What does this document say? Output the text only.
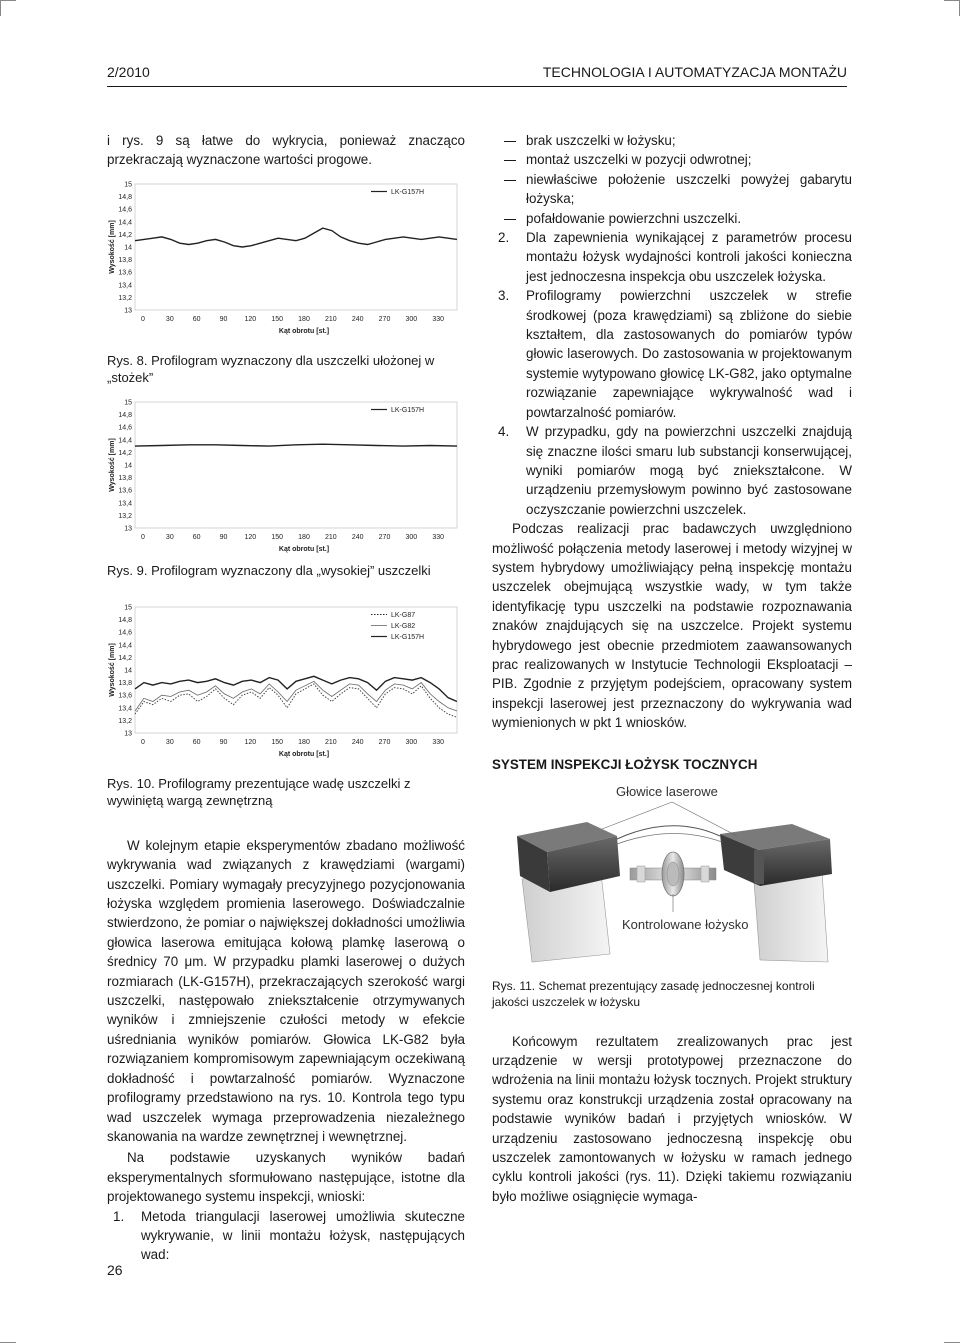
2/2010	TECHNOLOGIA I AUTOMATYZACJA MONTAŻU

i rys. 9 są łatwe do wykrycia, ponieważ znacząco przekraczają wyznaczone wartości progowe.

15
14,8
14,6
14,4
14,2
14
13,8
13,6
13,4
13,2
13
0	30	60	90 120 150 180 210 240 270 300 330
Kąt obrotu [st.]
Wysokość [mm]
LK-G157H

Rys. 8. Profilogram wyznaczony dla uszczelki ułożonej w „stożek”

15
14,8
14,6
14,4
14,2
14
13,8
13,6
13,4
13,2
13
0	30	60	90 120 150 180 210 240 270 300 330
Kąt obrotu [st.]
Wysokość [mm]
LK-G157H

Rys. 9. Profilogram wyznaczony dla „wysokiej” uszczelki

15
14,8
14,6
14,4
14,2
14
13,8
13,6
13,4
13,2
13
0	30	60	90 120 150 180 210 240 270 300 330
Kąt obrotu [st.]
Wysokość [mm]
LK-G87
LK-G82
LK-G157H

Rys. 10. Profilogramy prezentujące wadę uszczelki z wywiniętą wargą zewnętrzną

W kolejnym etapie eksperymentów zbadano możliwość wykrywania wad związanych z krawędziami (wargami) uszczelki. Pomiary wymagały precyzyjnego pozycjonowania łożyska względem promienia laserowego. Doświadczalnie stwierdzono, że pomiar o największej dokładności umożliwia głowica laserowa emitująca kołową plamkę laserową o średnicy 70 μm. W przypadku plamki laserowej o dużych rozmiarach (LK-G157H), przekraczających szerokość wargi uszczelki, następowało zniekształcenie otrzymywanych wyników i zmniejszenie czułości metody w efekcie uśredniania wyników pomiarów. Głowica LK-G82 była rozwiązaniem kompromisowym zapewniającym oczekiwaną dokładność i powtarzalność pomiarów. Wyznaczone profilogramy przedstawiono na rys. 10. Kontrola tego typu wad uszczelek wymaga przeprowadzenia niezależnego skanowania na wardze zewnętrznej i wewnętrznej.

Na podstawie uzyskanych wyników badań eksperymentalnych sformułowano następujące, istotne dla projektowanego systemu inspekcji, wnioski:

1. Metoda triangulacji laserowej umożliwia skuteczne wykrywanie, w linii montażu łożysk, następujących wad:
brak uszczelki w łożysku;
montaż uszczelki w pozycji odwrotnej;
niewłaściwe położenie uszczelki powyżej gabarytu łożyska;
pofałdowanie powierzchni uszczelki.
2. Dla zapewnienia wynikającej z parametrów procesu montażu łożysk wydajności kontroli jakości konieczna jest jednoczesna inspekcja obu uszczelek łożyska.
3. Profilogramy powierzchni uszczelek w strefie środkowej (poza krawędziami) są zbliżone do siebie kształtem, dla zastosowanych do pomiarów typów głowic laserowych. Do zastosowania w projektowanym systemie wytypowano głowicę LK-G82, jako optymalne rozwiązanie zapewniające wykrywalność wad i powtarzalność pomiarów.
4. W przypadku, gdy na powierzchni uszczelki znajdują się znaczne ilości smaru lub substancji konserwującej, wyniki pomiarów mogą być zniekształcone. W urządzeniu przemysłowym powinno być zastosowane oczyszczanie powierzchni uszczelek.

Podczas realizacji prac badawczych uwzględniono możliwość połączenia metody laserowej i metody wizyjnej w system hybrydowy umożliwiający pełną inspekcję montażu uszczelek obejmującą wszystkie wady, w tym także identyfikację typu uszczelki na podstawie rozpoznawania znaków znajdujących się na uszczelce. Projekt systemu hybrydowego jest obecnie przedmiotem zaawansowanych prac realizowanych w Instytucie Technologii Eksploatacji – PIB. Zgodnie z przyjętym podejściem, opracowany system inspekcji laserowej jest przeznaczony do wykrywania wad wymienionych w pkt 1 wniosków.

SYSTEM INSPEKCJI ŁOŻYSK TOCZNYCH

Głowice laserowe
Kontrolowane łożysko

Rys. 11. Schemat prezentujący zasadę jednoczesnej kontroli jakości uszczelek w łożysku

Końcowym rezultatem zrealizowanych prac jest urządzenie w wersji prototypowej przeznaczone do wdrożenia na linii montażu łożysk tocznych. Projekt struktury systemu oraz konstrukcji urządzenia został opracowany na podstawie wyników badań i przyjętych wniosków. W urządzeniu zastosowano jednoczesną inspekcję obu uszczelek zamontowanych w łożysku w ramach jednego cyklu kontroli jakości (rys. 11). Dzięki takiemu rozwiązaniu było możliwe osiągnięcie wymaga-

26
